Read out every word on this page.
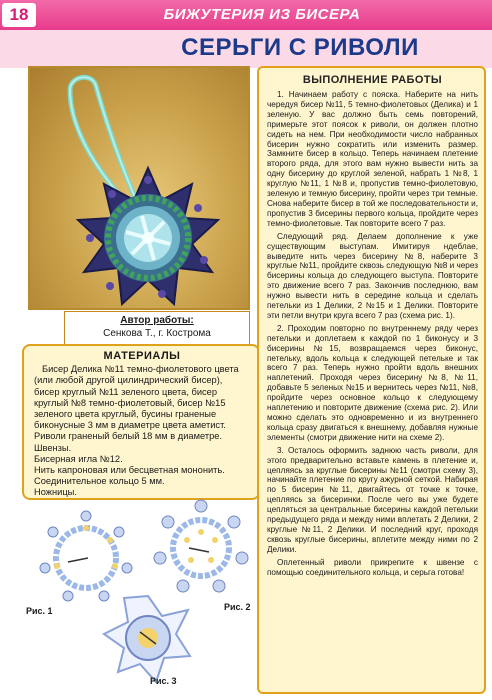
18	БИЖУТЕРИЯ ИЗ БИСЕРА
СЕРЬГИ С РИВОЛИ
Автор работы:
Сенкова Т., г. Кострома
МАТЕРИАЛЫ

Бисер Делика №11 темно-фиолетового цвета (или любой другой цилиндрический бисер), бисер круглый №11 зеленого цвета, бисер круглый №8 темно-фиолетовый, бисер №15 зеленого цвета круглый, бусины граненые биконусные 3 мм в диаметре цвета аметист.

Риволи граненый белый 18 мм в диаметре.

Швензы.

Бисерная игла №12.

Нить капроновая или бесцветная мононить.

Соединительное кольцо 5 мм.

Ножницы.

Рис. 1	Рис. 2
Рис. 3
ВЫПОЛНЕНИЕ РАБОТЫ

1. Начинаем работу с пояска. Наберите на нить чередуя бисер №11, 5 темно-фиолетовых (Делика) и 1 зеленую. У вас должно быть семь повторений, примерьте этот поясок к риволи, он должен плотно сидеть на нем. При необходимости число набранных бисерин нужно сократить или изменить размер. Замкните бисер в кольцо. Теперь начинаем плетение второго ряда, для этого вам нужно вывести нить за одну бисерину до круглой зеленой, набрать 1 №8, 1 круглую №11, 1 №8 и, пропустив темно-фиолетовую, зеленую и темную бисерину, пройти через три темные. Снова наберите бисер в той же последовательности и, пропустив 3 бисерины первого кольца, пройдите через темно-фиолетовые. Так повторите всего 7 раз.

Следующий ряд. Делаем дополнение к уже существующим выступам. Имитируя ндеблае, выведите нить через бисерину №8, наберите 3 круглые №11, пройдите сквозь следующую №8 и через бисерины кольца до следующего выступа. Повторите это движение всего 7 раз. Закончив последнюю, вам нужно вывести нить в середине кольца и сделать петельки из 1 Делики, 2 №15 и 1 Делики. Повторите эти петли внутри круга всего 7 раз (схема рис. 1).

2. Проходим повторно по внутреннему ряду через петельки и доплетаем к каждой по 1 биконусу и 3 бисерины №15, возвращаемся через биконус, петельку, вдоль кольца к следующей петельке и так всего 7 раз. Теперь нужно пройти вдоль внешних наплетений. Проходя через бисерину №8, №11, добавьте 5 зеленых №15 и вернитесь через №11, №8, пройдите через основное кольцо к следующему наплетению и повторите движение (схема рис. 2). Или можно сделать это одновременно и из внутреннего кольца сразу двигаться к внешнему, добавляя нужные элементы (смотри движение нити на схеме 2).

3. Осталось оформить заднюю часть риволи, для этого предварительно вставьте камень в плетение и, цепляясь за круглые бисерины №11 (смотри схему 3), начинайте плетение по кругу ажурной сеткой. Набирая по 5 бисерин №11, двигайтесь от точке к точке, цепляясь за бисеринки. После чего вы уже будете цепляться за центральные бисерины каждой петельки предыдущего ряда и между ними вплетать 2 Делики, 2 круглые №11, 2 Делики. И последний круг, проходя сквозь круглые бисерины, вплетите между ними по 2 Делики.

Оплетенный риволи прикрепите к швензе с помощью соединительного кольца, и серьга готова!
